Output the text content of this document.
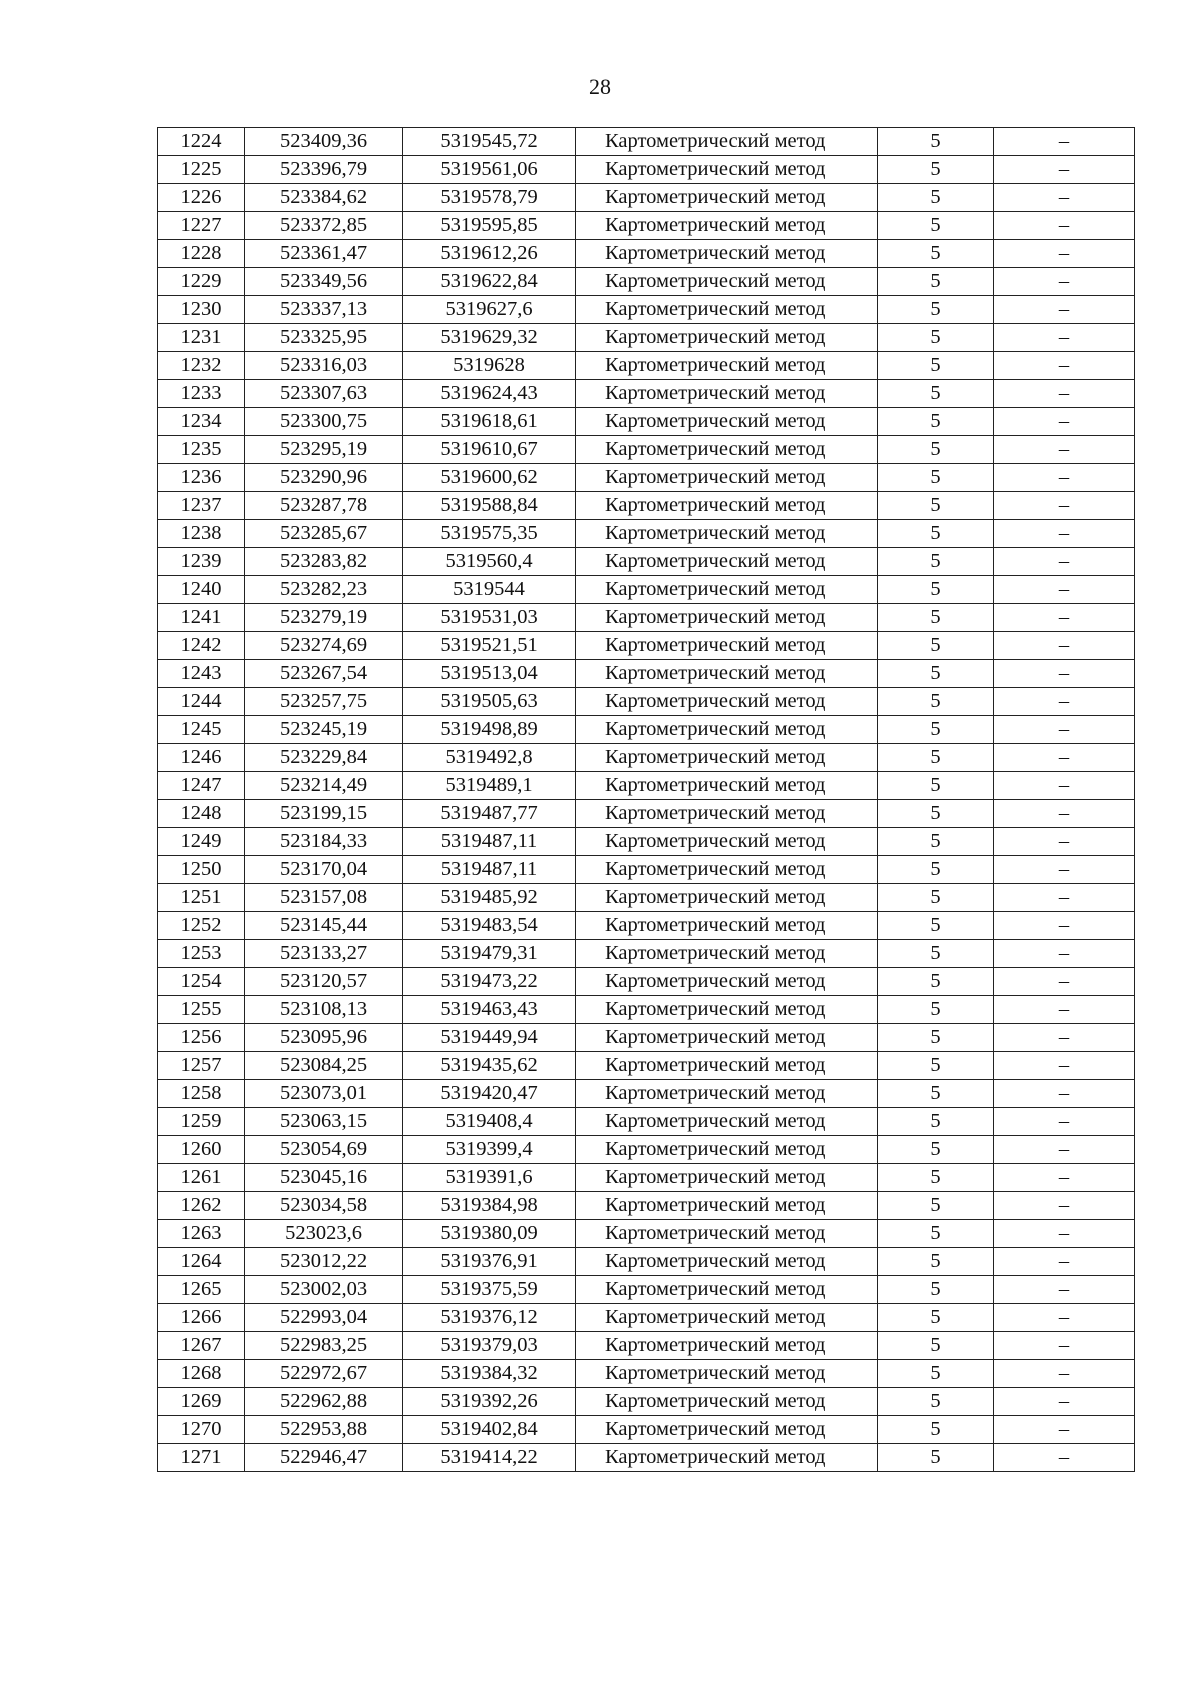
28
1224	523409,36	5319545,72	Картометрический метод	5	–
1225	523396,79	5319561,06	Картометрический метод	5	–
1226	523384,62	5319578,79	Картометрический метод	5	–
1227	523372,85	5319595,85	Картометрический метод	5	–
1228	523361,47	5319612,26	Картометрический метод	5	–
1229	523349,56	5319622,84	Картометрический метод	5	–
1230	523337,13	5319627,6	Картометрический метод	5	–
1231	523325,95	5319629,32	Картометрический метод	5	–
1232	523316,03	5319628	Картометрический метод	5	–
1233	523307,63	5319624,43	Картометрический метод	5	–
1234	523300,75	5319618,61	Картометрический метод	5	–
1235	523295,19	5319610,67	Картометрический метод	5	–
1236	523290,96	5319600,62	Картометрический метод	5	–
1237	523287,78	5319588,84	Картометрический метод	5	–
1238	523285,67	5319575,35	Картометрический метод	5	–
1239	523283,82	5319560,4	Картометрический метод	5	–
1240	523282,23	5319544	Картометрический метод	5	–
1241	523279,19	5319531,03	Картометрический метод	5	–
1242	523274,69	5319521,51	Картометрический метод	5	–
1243	523267,54	5319513,04	Картометрический метод	5	–
1244	523257,75	5319505,63	Картометрический метод	5	–
1245	523245,19	5319498,89	Картометрический метод	5	–
1246	523229,84	5319492,8	Картометрический метод	5	–
1247	523214,49	5319489,1	Картометрический метод	5	–
1248	523199,15	5319487,77	Картометрический метод	5	–
1249	523184,33	5319487,11	Картометрический метод	5	–
1250	523170,04	5319487,11	Картометрический метод	5	–
1251	523157,08	5319485,92	Картометрический метод	5	–
1252	523145,44	5319483,54	Картометрический метод	5	–
1253	523133,27	5319479,31	Картометрический метод	5	–
1254	523120,57	5319473,22	Картометрический метод	5	–
1255	523108,13	5319463,43	Картометрический метод	5	–
1256	523095,96	5319449,94	Картометрический метод	5	–
1257	523084,25	5319435,62	Картометрический метод	5	–
1258	523073,01	5319420,47	Картометрический метод	5	–
1259	523063,15	5319408,4	Картометрический метод	5	–
1260	523054,69	5319399,4	Картометрический метод	5	–
1261	523045,16	5319391,6	Картометрический метод	5	–
1262	523034,58	5319384,98	Картометрический метод	5	–
1263	523023,6	5319380,09	Картометрический метод	5	–
1264	523012,22	5319376,91	Картометрический метод	5	–
1265	523002,03	5319375,59	Картометрический метод	5	–
1266	522993,04	5319376,12	Картометрический метод	5	–
1267	522983,25	5319379,03	Картометрический метод	5	–
1268	522972,67	5319384,32	Картометрический метод	5	–
1269	522962,88	5319392,26	Картометрический метод	5	–
1270	522953,88	5319402,84	Картометрический метод	5	–
1271	522946,47	5319414,22	Картометрический метод	5	–
